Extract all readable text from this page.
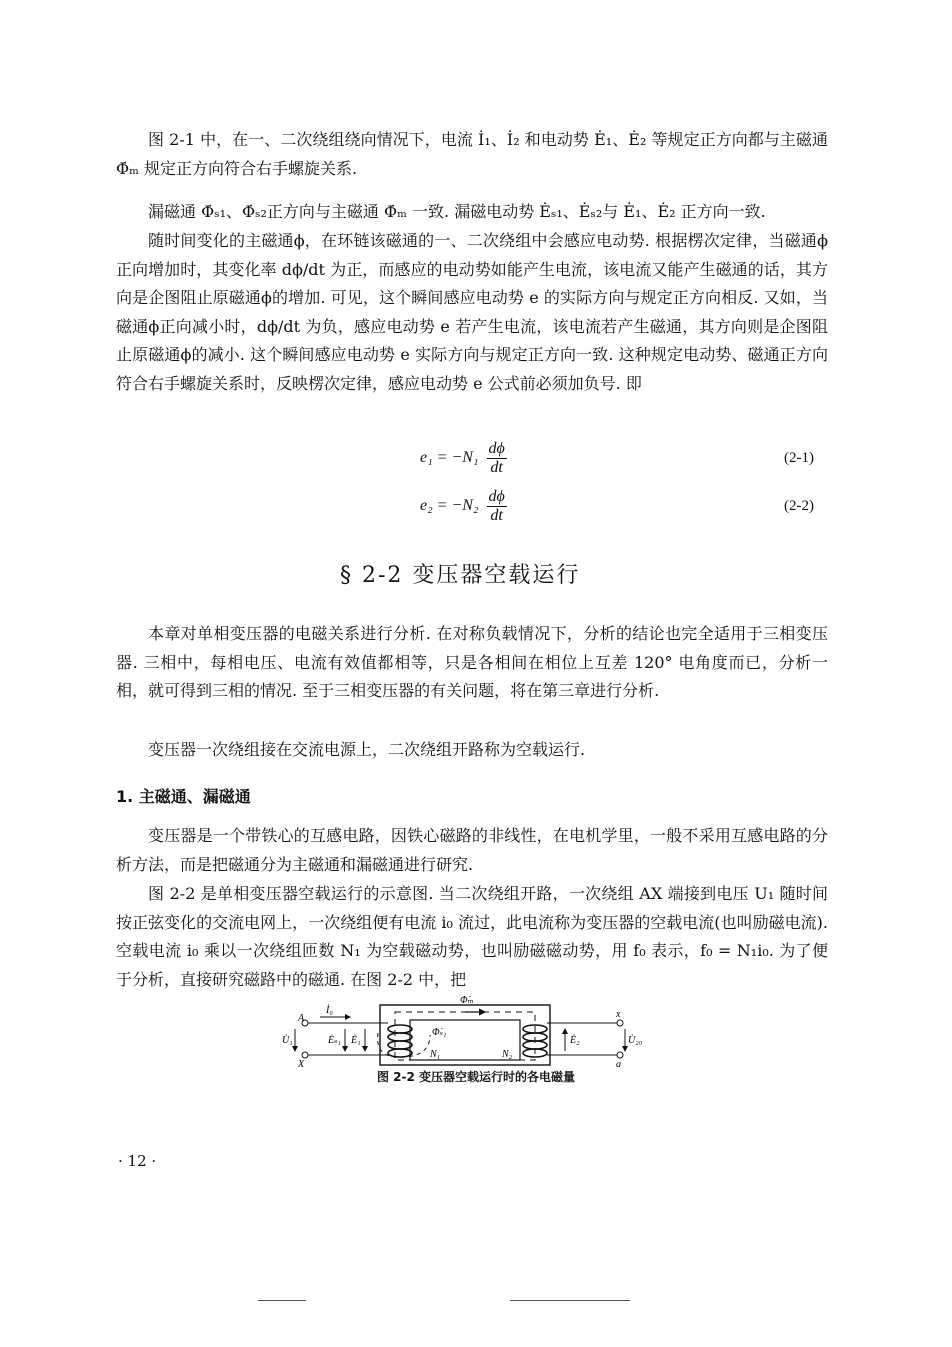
图 2-1 中，在一、二次绕组绕向情况下，电流 İ₁、İ₂ 和电动势 Ė₁、Ė₂ 等规定正方向都与主磁通 Φ̇ₘ 规定正方向符合右手螺旋关系.
漏磁通 Φ̇ₛ₁、Φ̇ₛ₂正方向与主磁通 Φ̇ₘ 一致. 漏磁电动势 Ėₛ₁、Ėₛ₂与 Ė₁、Ė₂ 正方向一致.
随时间变化的主磁通ϕ，在环链该磁通的一、二次绕组中会感应电动势. 根据楞次定律，当磁通ϕ正向增加时，其变化率 dϕ/dt 为正，而感应的电动势如能产生电流，该电流又能产生磁通的话，其方向是企图阻止原磁通ϕ的增加. 可见，这个瞬间感应电动势 e 的实际方向与规定正方向相反. 又如，当磁通ϕ正向减小时，dϕ/dt 为负，感应电动势 e 若产生电流，该电流若产生磁通，其方向则是企图阻止原磁通ϕ的减小. 这个瞬间感应电动势 e 实际方向与规定正方向一致. 这种规定电动势、磁通正方向符合右手螺旋关系时，反映楞次定律，感应电动势 e 公式前必须加负号. 即
$e_1 = -N_1 \frac{d\phi}{dt}$	(2-1)
$e_2 = -N_2 \frac{d\phi}{dt}$	(2-2)
§ 2-2 变压器空载运行
本章对单相变压器的电磁关系进行分析. 在对称负载情况下，分析的结论也完全适用于三相变压器. 三相中，每相电压、电流有效值都相等，只是各相间在相位上互差 120° 电角度而已，分析一相，就可得到三相的情况. 至于三相变压器的有关问题，将在第三章进行分析.
变压器一次绕组接在交流电源上，二次绕组开路称为空载运行.
1. 主磁通、漏磁通
变压器是一个带铁心的互感电路，因铁心磁路的非线性，在电机学里，一般不采用互感电路的分析方法，而是把磁通分为主磁通和漏磁通进行研究.
图 2-2 是单相变压器空载运行的示意图. 当二次绕组开路，一次绕组 AX 端接到电压 U₁ 随时间按正弦变化的交流电网上，一次绕组便有电流 i₀ 流过，此电流称为变压器的空载电流(也叫励磁电流). 空载电流 i₀ 乘以一次绕组匝数 N₁ 为空载磁动势，也叫励磁磁动势，用 f₀ 表示，f₀ = N₁i₀. 为了便于分析，直接研究磁路中的磁通. 在图 2-2 中，把
Φ̇ₘ
A
X
x
a
İ₀
U̇₁	Ėₛ₁ Ė₁
Φ̇ₛ₁
N₁	N₂
Ė₂	U̇₂₀
图 2-2 变压器空载运行时的各电磁量
· 12 ·
